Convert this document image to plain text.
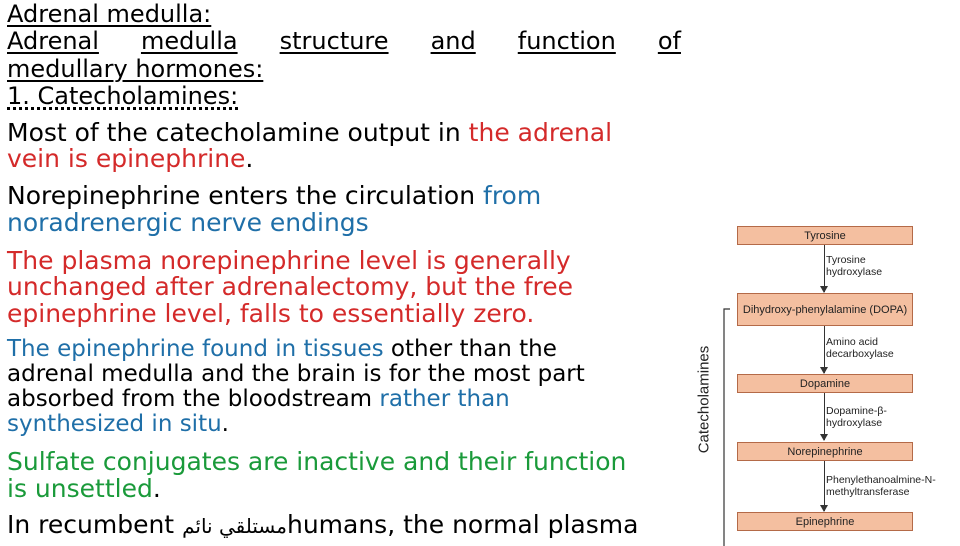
Adrenal medulla:
Adrenal medulla structure and function of
medullary hormones:
1. Catecholamines:
Most of the catecholamine output in the adrenal
vein is epinephrine.
Norepinephrine enters the circulation from
noradrenergic nerve endings
The plasma norepinephrine level is generally
unchanged after adrenalectomy, but the free
epinephrine level, falls to essentially zero.
The epinephrine found in tissues other than the
adrenal medulla and the brain is for the most part
absorbed from the bloodstream rather than
synthesized in situ.
Sulfate conjugates are inactive and their function
is unsettled.
In recumbent مستلقي نائمhumans, the normal plasma
Catecholamines
Tyrosine
Tyrosine hydroxylase
Dihydroxy-phenylalamine (DOPA)
Amino acid decarboxylase
Dopamine
Dopamine-β- hydroxylase
Norepinephrine
Phenylethanoalmine-N- methyltransferase
Epinephrine
